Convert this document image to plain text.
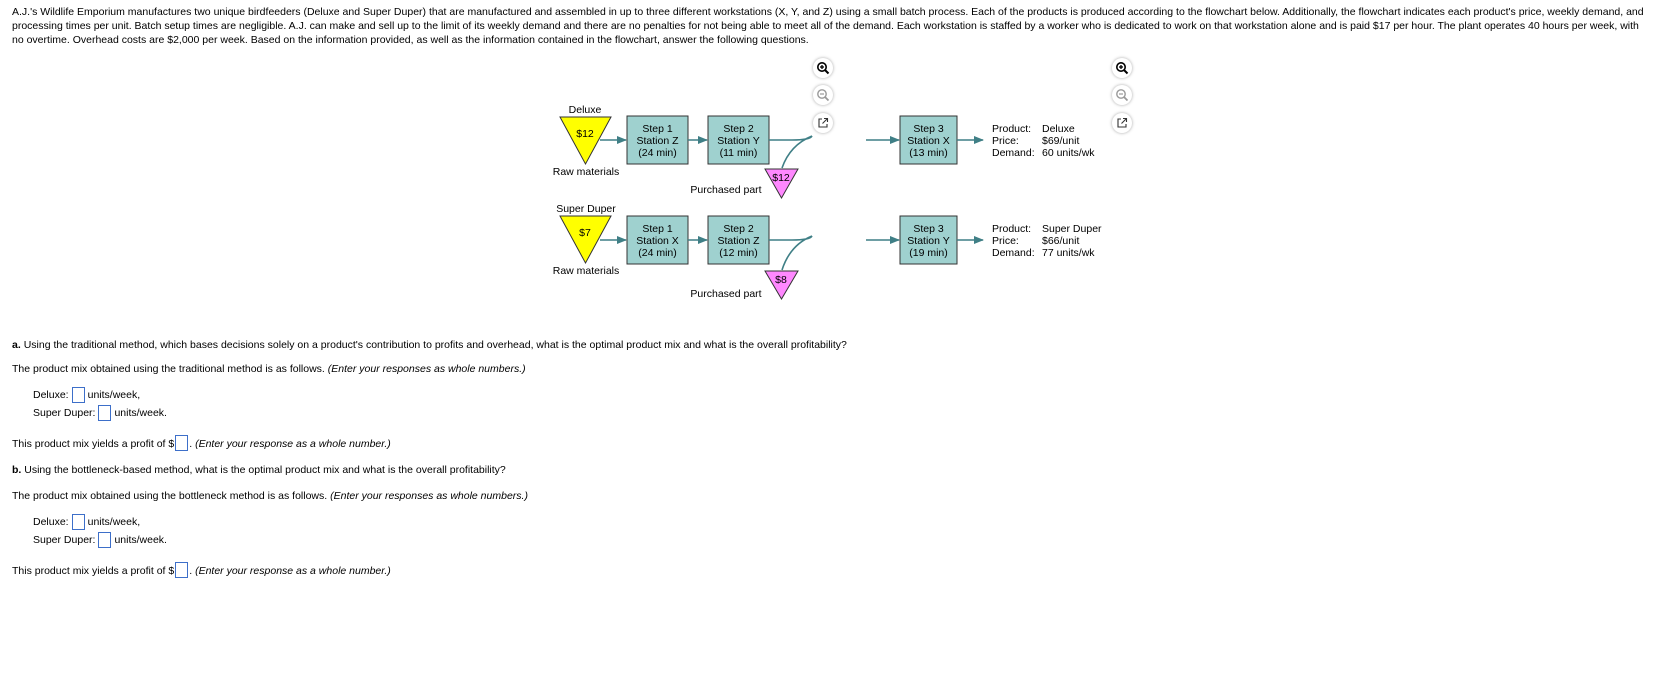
A.J.'s Wildlife Emporium manufactures two unique birdfeeders (Deluxe and Super Duper) that are manufactured and assembled in up to three different workstations (X, Y, and Z) using a small batch process. Each of the products is produced according to the flowchart below. Additionally, the flowchart indicates each product's price, weekly demand, and processing times per unit. Batch setup times are negligible. A.J. can make and sell up to the limit of its weekly demand and there are no penalties for not being able to meet all of the demand. Each workstation is staffed by a worker who is dedicated to work on that workstation alone and is paid $17 per hour. The plant operates 40 hours per week, with no overtime. Overhead costs are $2,000 per week. Based on the information provided, as well as the information contained in the flowchart, answer the following questions.

Deluxe
$12
Raw materials
Step 1
Station Z
(24 min)
Step 2
Station Y
(11 min)
$12
Purchased part
Step 3
Station X
(13 min)
Product: Deluxe
Price: $69/unit
Demand: 60 units/wk
Super Duper
$7
Raw materials
Step 1
Station X
(24 min)
Step 2
Station Z
(12 min)
$8
Purchased part
Step 3
Station Y
(19 min)
Product: Super Duper
Price: $66/unit
Demand: 77 units/wk

a. Using the traditional method, which bases decisions solely on a product's contribution to profits and overhead, what is the optimal product mix and what is the overall profitability?

The product mix obtained using the traditional method is as follows. (Enter your responses as whole numbers.)

Deluxe: units/week,
Super Duper: units/week.

This product mix yields a profit of $ . (Enter your response as a whole number.)

b. Using the bottleneck-based method, what is the optimal product mix and what is the overall profitability?

The product mix obtained using the bottleneck method is as follows. (Enter your responses as whole numbers.)

Deluxe: units/week,
Super Duper: units/week.

This product mix yields a profit of $ . (Enter your response as a whole number.)
